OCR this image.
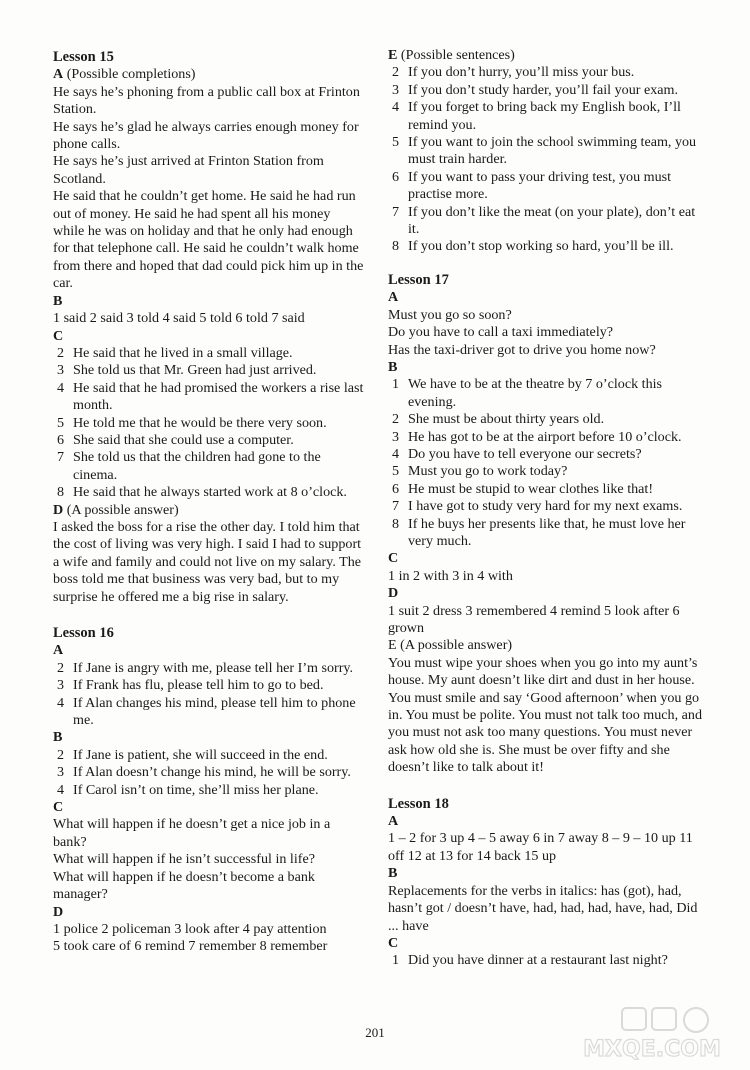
Lesson 15
A (Possible completions)
He says he’s phoning from a public call box at Frinton Station.
He says he’s glad he always carries enough money for phone calls.
He says he’s just arrived at Frinton Station from Scotland.
He said that he couldn’t get home. He said he had run out of money. He said he had spent all his money while he was on holiday and that he only had enough for that telephone call. He said he couldn’t walk home from there and hoped that dad could pick him up in the car.
B
1 said 2 said 3 told 4 said 5 told 6 told 7 said
C
2 He said that he lived in a small village.
3 She told us that Mr. Green had just arrived.
4 He said that he had promised the workers a rise last month.
5 He told me that he would be there very soon.
6 She said that she could use a computer.
7 She told us that the children had gone to the cinema.
8 He said that he always started work at 8 o’clock.
D (A possible answer)
I asked the boss for a rise the other day. I told him that the cost of living was very high. I said I had to support a wife and family and could not live on my salary. The boss told me that business was very bad, but to my surprise he offered me a big rise in salary.
Lesson 16
A
2 If Jane is angry with me, please tell her I’m sorry.
3 If Frank has flu, please tell him to go to bed.
4 If Alan changes his mind, please tell him to phone me.
B
2 If Jane is patient, she will succeed in the end.
3 If Alan doesn’t change his mind, he will be sorry.
4 If Carol isn’t on time, she’ll miss her plane.
C
What will happen if he doesn’t get a nice job in a bank?
What will happen if he isn’t successful in life?
What will happen if he doesn’t become a bank manager?
D
1 police 2 policeman 3 look after 4 pay attention
5 took care of 6 remind 7 remember 8 remember
E (Possible sentences)
2 If you don’t hurry, you’ll miss your bus.
3 If you don’t study harder, you’ll fail your exam.
4 If you forget to bring back my English book, I’ll remind you.
5 If you want to join the school swimming team, you must train harder.
6 If you want to pass your driving test, you must practise more.
7 If you don’t like the meat (on your plate), don’t eat it.
8 If you don’t stop working so hard, you’ll be ill.
Lesson 17
A
Must you go so soon?
Do you have to call a taxi immediately?
Has the taxi-driver got to drive you home now?
B
1 We have to be at the theatre by 7 o’clock this evening.
2 She must be about thirty years old.
3 He has got to be at the airport before 10 o’clock.
4 Do you have to tell everyone our secrets?
5 Must you go to work today?
6 He must be stupid to wear clothes like that!
7 I have got to study very hard for my next exams.
8 If he buys her presents like that, he must love her very much.
C
1 in 2 with 3 in 4 with
D
1 suit 2 dress 3 remembered 4 remind 5 look after 6 grown
E (A possible answer)
You must wipe your shoes when you go into my aunt’s house. My aunt doesn’t like dirt and dust in her house. You must smile and say ‘Good afternoon’ when you go in. You must be polite. You must not talk too much, and you must not ask too many questions. You must never ask how old she is. She must be over fifty and she doesn’t like to talk about it!
Lesson 18
A
1 – 2 for 3 up 4 – 5 away 6 in 7 away 8 – 9 – 10 up 11 off 12 at 13 for 14 back 15 up
B
Replacements for the verbs in italics: has (got), had, hasn’t got / doesn’t have, had, had, had, have, had, Did ... have
C
1 Did you have dinner at a restaurant last night?
201
MXQE.COM
